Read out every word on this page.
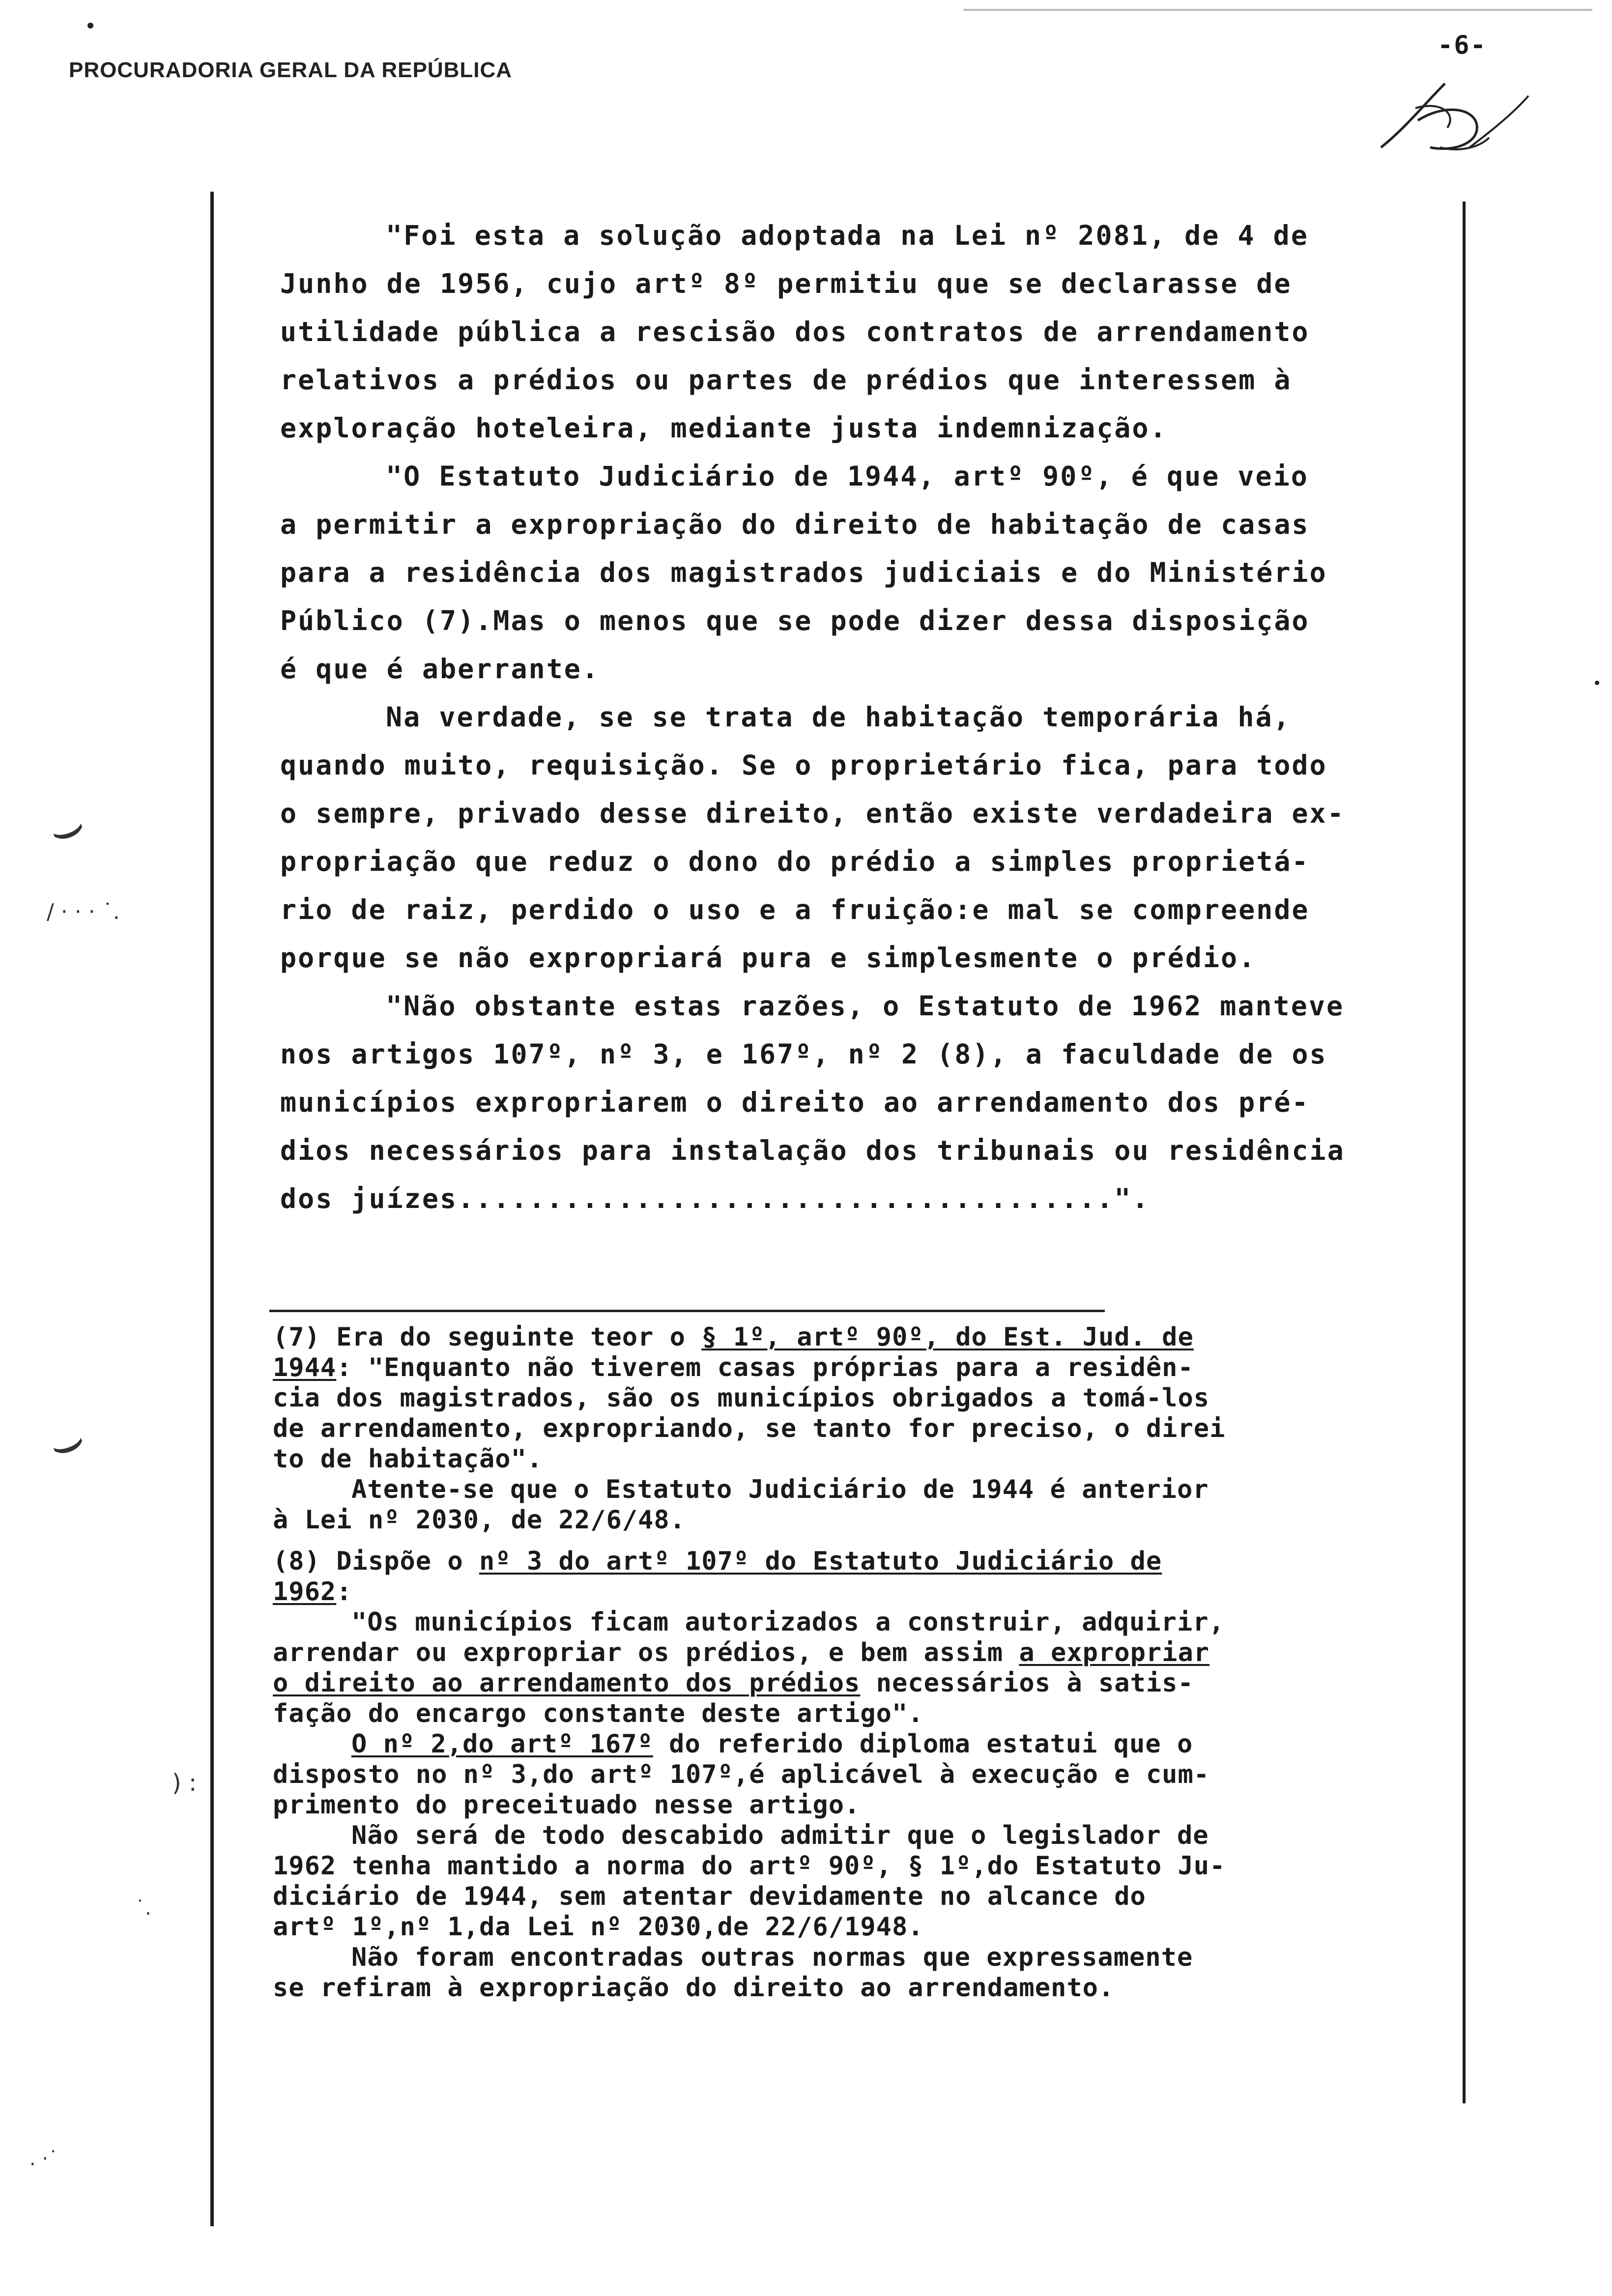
⌣
⌣
/ · · · ˙.
) :
˙.
. ·˙
PROCURADORIA GERAL DA REPÚBLICA
-6-

"Foi esta a solução adoptada na Lei nº 2081, de 4 de

Junho de 1956, cujo artº 8º permitiu que se declarasse de

utilidade pública a rescisão dos contratos de arrendamento

relativos a prédios ou partes de prédios que interessem à

exploração hoteleira, mediante justa indemnização.

"O Estatuto Judiciário de 1944, artº 90º, é que veio

a permitir a expropriação do direito de habitação de casas

para a residência dos magistrados judiciais e do Ministério

Público (7).Mas o menos que se pode dizer dessa disposição

é que é aberrante.

Na verdade, se se trata de habitação temporária há,

quando muito, requisição. Se o proprietário fica, para todo

o sempre, privado desse direito, então existe verdadeira ex-

propriação que reduz o dono do prédio a simples proprietá-

rio de raiz, perdido o uso e a fruição:e mal se compreende

porque se não expropriará pura e simplesmente o prédio.

"Não obstante estas razões, o Estatuto de 1962 manteve

nos artigos 107º, nº 3, e 167º, nº 2 (8), a faculdade de os

municípios expropriarem o direito ao arrendamento dos pré-

dios necessários para instalação dos tribunais ou residência

dos juízes.....................................".

(7) Era do seguinte teor o § 1º, artº 90º, do Est. Jud. de

1944: "Enquanto não tiverem casas próprias para a residên-

cia dos magistrados, são os municípios obrigados a tomá-los

de arrendamento, expropriando, se tanto for preciso, o direi

to de habitação".

Atente-se que o Estatuto Judiciário de 1944 é anterior

à Lei nº 2030, de 22/6/48.

(8) Dispõe o nº 3 do artº 107º do Estatuto Judiciário de

1962:

"Os municípios ficam autorizados a construir, adquirir,

arrendar ou expropriar os prédios, e bem assim a expropriar

o direito ao arrendamento dos prédios necessários à satis-

fação do encargo constante deste artigo".

O nº 2,do artº 167º do referido diploma estatui que o

disposto no nº 3,do artº 107º,é aplicável à execução e cum-

primento do preceituado nesse artigo.

Não será de todo descabido admitir que o legislador de

1962 tenha mantido a norma do artº 90º, § 1º,do Estatuto Ju-

diciário de 1944, sem atentar devidamente no alcance do

artº 1º,nº 1,da Lei nº 2030,de 22/6/1948.

Não foram encontradas outras normas que expressamente

se refiram à expropriação do direito ao arrendamento.
